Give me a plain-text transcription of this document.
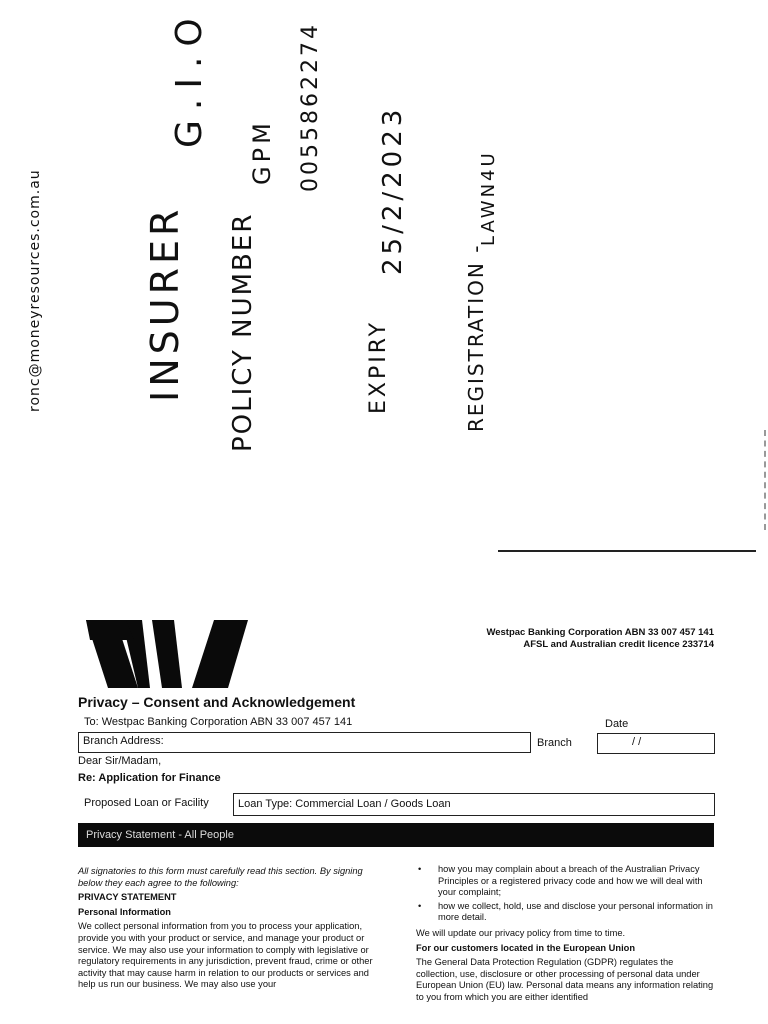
ronc@moneyresources.com.au	INSURER
G.I.O
POLICY NUMBER
GPM 0055862274
EXPIRY
25/2/2023
REGISTRATION -
LAWN4U
Westpac Banking Corporation ABN 33 007 457 141
AFSL and Australian credit licence 233714
Privacy – Consent and Acknowledgement
To: Westpac Banking Corporation ABN 33 007 457 141	Date
Branch Address:	Branch	/ /
Dear Sir/Madam,
Re: Application for Finance
Proposed Loan or Facility	Loan Type: Commercial Loan / Goods Loan
Privacy Statement - All People

All signatories to this form must carefully read this section. By signing below they each agree to the following:

PRIVACY STATEMENT

Personal Information

We collect personal information from you to process your application, provide you with your product or service, and manage your product or service. We may also use your information to comply with legislative or regulatory requirements in any jurisdiction, prevent fraud, crime or other activity that may cause harm in relation to our products or services and help us run our business. We may also use your

• how you may complain about a breach of the Australian Privacy Principles or a registered privacy code and how we will deal with your complaint;
• how we collect, hold, use and disclose your personal information in more detail.

We will update our privacy policy from time to time.

For our customers located in the European Union

The General Data Protection Regulation (GDPR) regulates the collection, use, disclosure or other processing of personal data under European Union (EU) law. Personal data means any information relating to you from which you are either identified
